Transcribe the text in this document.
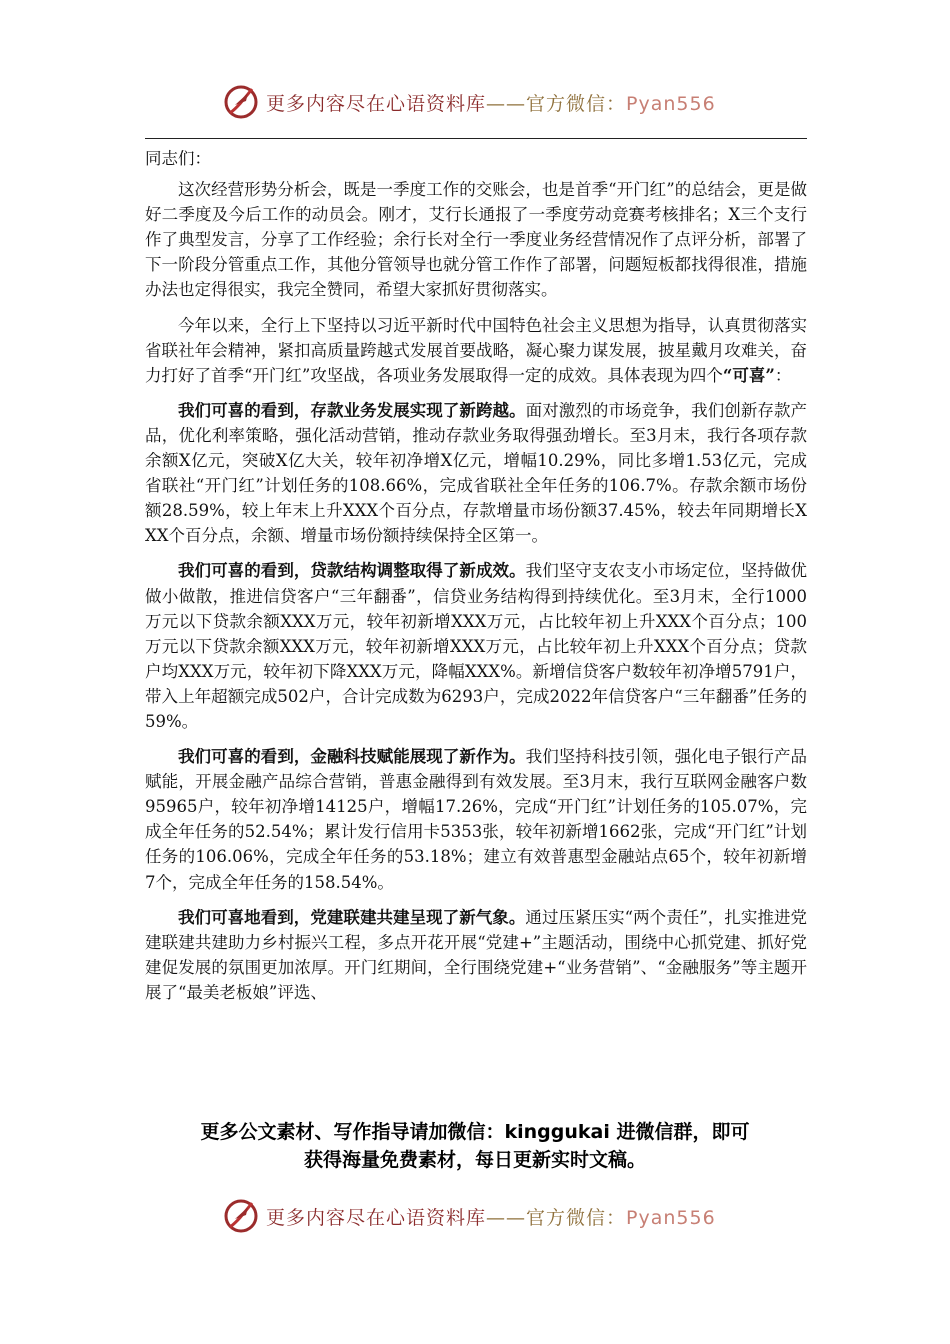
更多内容尽在心语资料库——官方微信：Pyan556

同志们：

这次经营形势分析会，既是一季度工作的交账会，也是首季“开门红”的总结会，更是做好二季度及今后工作的动员会。刚才，艾行长通报了一季度劳动竞赛考核排名；X三个支行作了典型发言，分享了工作经验；余行长对全行一季度业务经营情况作了点评分析，部署了下一阶段分管重点工作，其他分管领导也就分管工作作了部署，问题短板都找得很准，措施办法也定得很实，我完全赞同，希望大家抓好贯彻落实。

今年以来，全行上下坚持以习近平新时代中国特色社会主义思想为指导，认真贯彻落实省联社年会精神，紧扣高质量跨越式发展首要战略，凝心聚力谋发展，披星戴月攻难关，奋力打好了首季“开门红”攻坚战，各项业务发展取得一定的成效。具体表现为四个“可喜”：

我们可喜的看到，存款业务发展实现了新跨越。面对激烈的市场竞争，我们创新存款产品，优化利率策略，强化活动营销，推动存款业务取得强劲增长。至3月末，我行各项存款余额X亿元，突破X亿大关，较年初净增X亿元，增幅10.29%，同比多增1.53亿元，完成省联社“开门红”计划任务的108.66%，完成省联社全年任务的106.7%。存款余额市场份额28.59%，较上年末上升XXX个百分点，存款增量市场份额37.45%，较去年同期增长XXX个百分点，余额、增量市场份额持续保持全区第一。

我们可喜的看到，贷款结构调整取得了新成效。我们坚守支农支小市场定位，坚持做优做小做散，推进信贷客户“三年翻番”，信贷业务结构得到持续优化。至3月末，全行1000万元以下贷款余额XXX万元，较年初新增XXX万元，占比较年初上升XXX个百分点；100万元以下贷款余额XXX万元，较年初新增XXX万元，占比较年初上升XXX个百分点；贷款户均XXX万元，较年初下降XXX万元，降幅XXX%。新增信贷客户数较年初净增5791户，带入上年超额完成502户，合计完成数为6293户，完成2022年信贷客户“三年翻番”任务的59%。

我们可喜的看到，金融科技赋能展现了新作为。我们坚持科技引领，强化电子银行产品赋能，开展金融产品综合营销，普惠金融得到有效发展。至3月末，我行互联网金融客户数95965户，较年初净增14125户，增幅17.26%，完成“开门红”计划任务的105.07%，完成全年任务的52.54%；累计发行信用卡5353张，较年初新增1662张，完成“开门红”计划任务的106.06%，完成全年任务的53.18%；建立有效普惠型金融站点65个，较年初新增7个，完成全年任务的158.54%。

我们可喜地看到，党建联建共建呈现了新气象。通过压紧压实“两个责任”，扎实推进党建联建共建助力乡村振兴工程，多点开花开展“党建+”主题活动，围绕中心抓党建、抓好党建促发展的氛围更加浓厚。开门红期间，全行围绕党建+“业务营销”、“金融服务”等主题开展了“最美老板娘”评选、

更多公文素材、写作指导请加微信：kinggukai 进微信群，即可
获得海量免费素材，每日更新实时文稿。
更多内容尽在心语资料库——官方微信：Pyan556
